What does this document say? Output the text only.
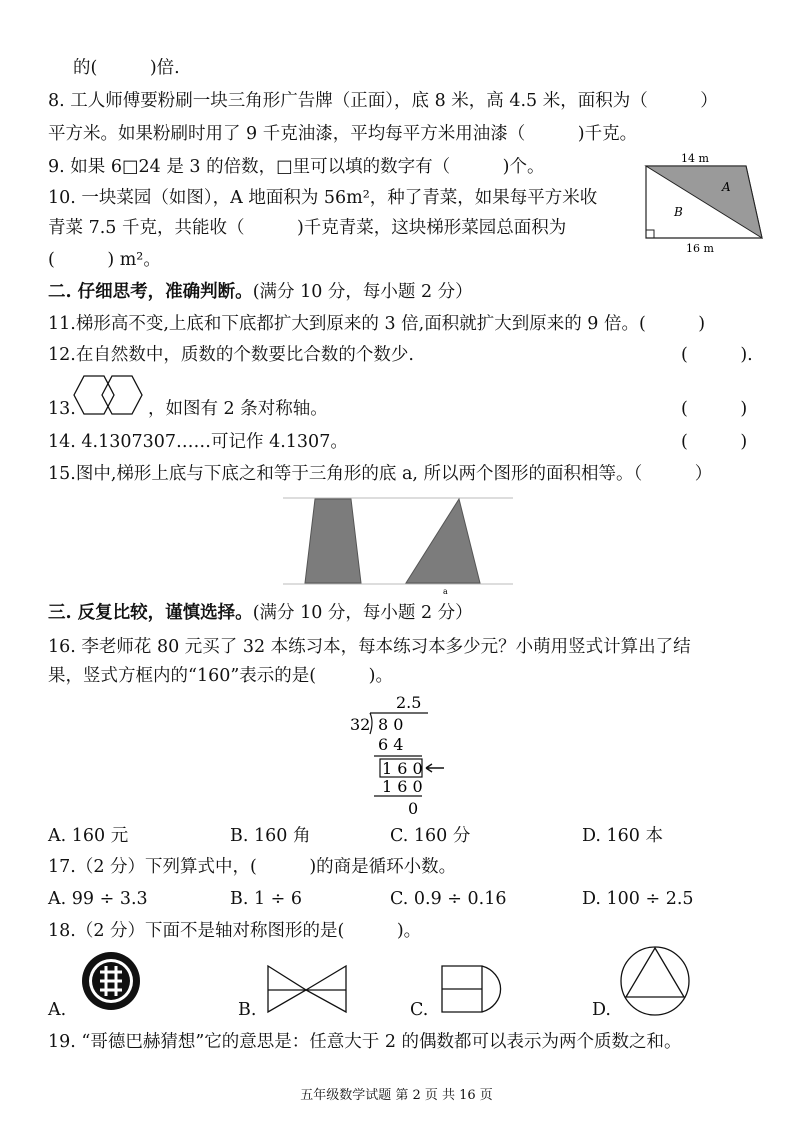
的(　　　)倍.
8. 工人师傅要粉刷一块三角形广告牌（正面），底 8 米，高 4.5 米，面积为（　　　）
平方米。如果粉刷时用了 9 千克油漆，平均每平方米用油漆（　　　)千克。
9. 如果 6□24 是 3 的倍数，□里可以填的数字有（　　　)个。
10. 一块菜园（如图），A 地面积为 56m²，种了青菜，如果每平方米收
青菜 7.5 千克，共能收（　　　)千克青菜，这块梯形菜园总面积为
(　　　) m²。
14 m
16 m
A
B
二. 仔细思考，准确判断。(满分 10 分，每小题 2 分）
11.梯形高不变,上底和下底都扩大到原来的 3 倍,面积就扩大到原来的 9 倍。(　　　)
12.在自然数中，质数的个数要比合数的个数少.	(　　　).
13.	，如图有 2 条对称轴。	(　　　)
14. 4.1307307……可记作 4.1307。	(　　　)
15.图中,梯形上底与下底之和等于三角形的底 a, 所以两个图形的面积相等。（　　　）
a
三. 反复比较，谨慎选择。(满分 10 分，每小题 2 分）
16. 李老师花 80 元买了 32 本练习本，每本练习本多少元？小萌用竖式计算出了结
果，竖式方框内的“160”表示的是(　　　)。
2.5
32 8 0
6 4
1 6 0
1 6 0
0
A. 160 元	B. 160 角	C. 160 分	D. 160 本
17.（2 分）下列算式中，(　　　)的商是循环小数。
A. 99 ÷ 3.3	B. 1 ÷ 6	C. 0.9 ÷ 0.16	D. 100 ÷ 2.5
18.（2 分）下面不是轴对称图形的是(　　　)。
A.	B.	C.	D.
19. “哥德巴赫猜想”它的意思是：任意大于 2 的偶数都可以表示为两个质数之和。
五年级数学试题 第 2 页 共 16 页
